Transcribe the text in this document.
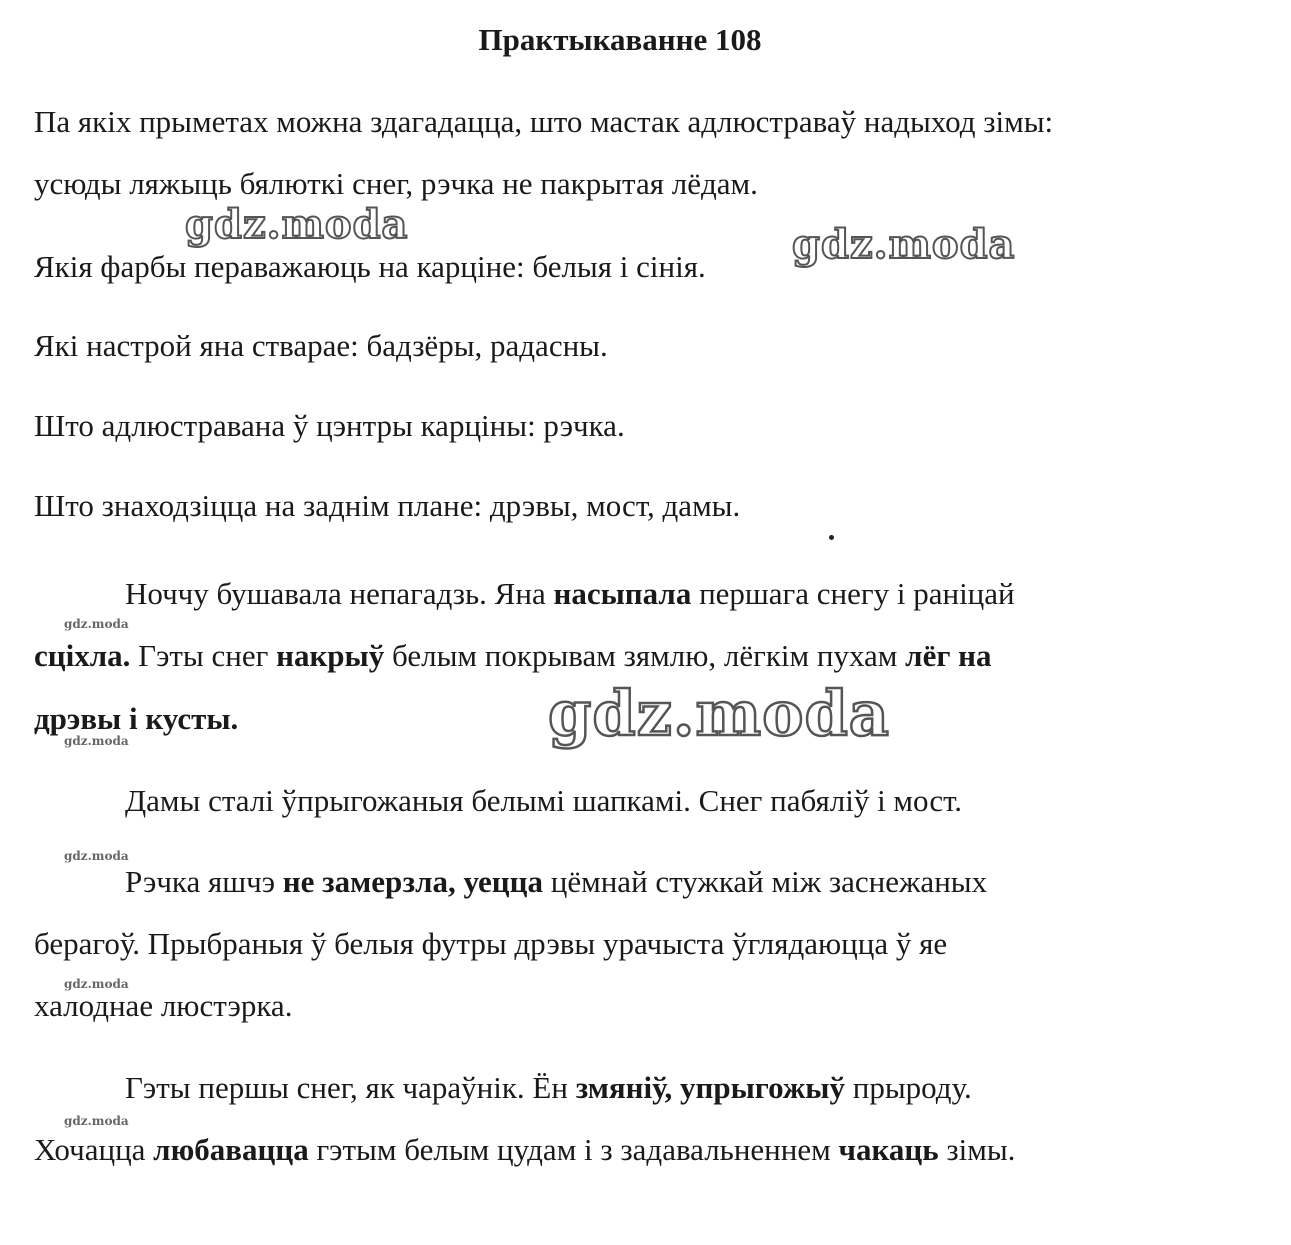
Практыкаванне 108

Па якіх прыметах можна здагадацца, што мастак адлюстраваў надыход зімы:

усюды ляжыць бялюткі снег, рэчка не пакрытая лёдам.

Якія фарбы пераважаюць на карціне: белыя і сінія.

Які настрой яна стварае: бадзёры, радасны.

Што адлюстравана ў цэнтры карціны: рэчка.

Што знаходзіцца на заднім плане: дрэвы, мост, дамы.

Ноччу бушавала непагадзь. Яна насыпала першага снегу і раніцай

сціхла. Гэты снег накрыў белым покрывам зямлю, лёгкім пухам лёг на

дрэвы і кусты.

Дамы сталі ўпрыгожаныя белымі шапкамі. Снег пабяліў і мост.

Рэчка яшчэ не замерзла, уецца цёмнай стужкай між заснежаных

берагоў. Прыбраныя ў белыя футры дрэвы урачыста ўглядаюцца ў яе

халоднае люстэрка.

Гэты першы снег, як чараўнік. Ён змяніў, упрыгожыў прыроду.

Хочацца любавацца гэтым белым цудам і з задавальненнем чакаць зімы.

gdz.moda	gdz.moda
gdz.moda
gdz.moda
gdz.moda
gdz.moda
gdz.moda
gdz.moda
